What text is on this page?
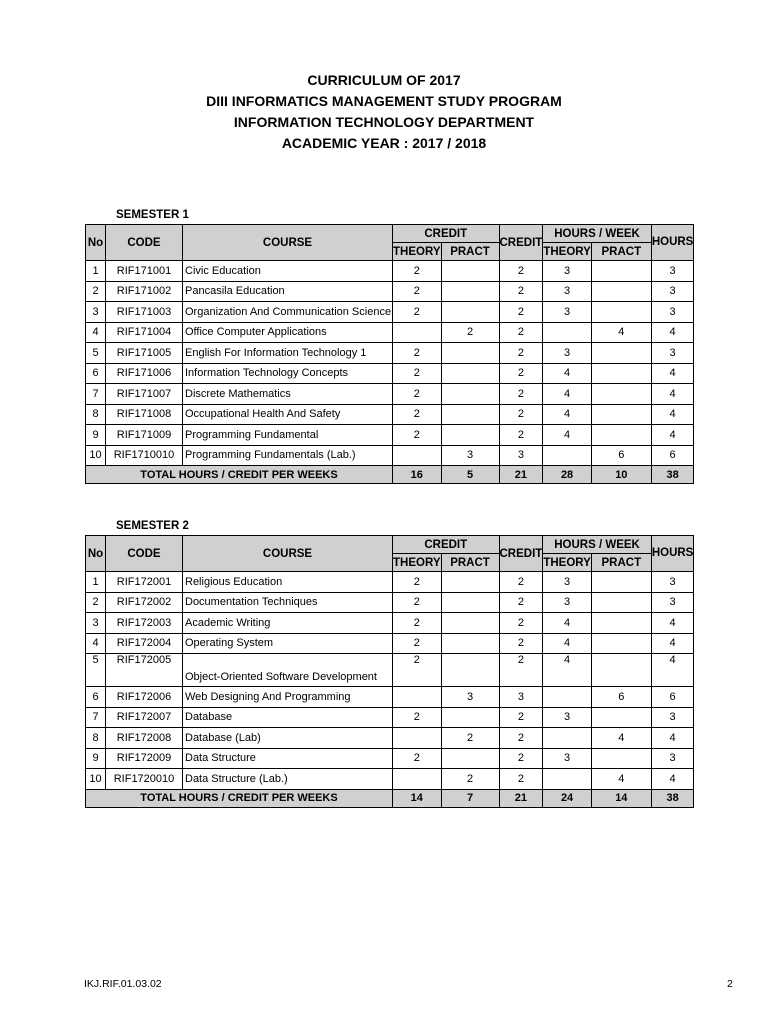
CURRICULUM OF 2017
DIII INFORMATICS MANAGEMENT STUDY PROGRAM
INFORMATION TECHNOLOGY DEPARTMENT
ACADEMIC YEAR : 2017 / 2018
SEMESTER 1
No	CODE	COURSE	CREDIT		CREDIT	HOURS / WEEK		HOURS

			THEORY	PRACT		THEORY	PRACT	
1	RIF171001	Civic Education	2		2	3		3
2	RIF171002	Pancasila Education	2		2	3		3
3	RIF171003	Organization And Communication Science	2		2	3		3
4	RIF171004	Office Computer Applications		2	2		4	4
5	RIF171005	English For Information Technology 1	2		2	3		3
6	RIF171006	Information Technology Concepts	2		2	4		4
7	RIF171007	Discrete Mathematics	2		2	4		4
8	RIF171008	Occupational Health And Safety	2		2	4		4
9	RIF171009	Programming Fundamental	2		2	4		4
10	RIF1710010	Programming Fundamentals (Lab.)		3	3		6	6
TOTAL HOURS / CREDIT PER WEEKS			16	5	21	28	10	38
SEMESTER 2
No	CODE	COURSE	CREDIT		CREDIT	HOURS / WEEK		HOURS

			THEORY	PRACT		THEORY	PRACT	
1	RIF172001	Religious Education	2		2	3		3
2	RIF172002	Documentation Techniques	2		2	3		3
3	RIF172003	Academic Writing	2		2	4		4
4	RIF172004	Operating System	2		2	4		4
5	RIF172005	Object-Oriented Software Development	2		2	4		4
6	RIF172006	Web Designing And Programming		3	3		6	6
7	RIF172007	Database	2		2	3		3
8	RIF172008	Database (Lab)		2	2		4	4
9	RIF172009	Data Structure	2		2	3		3
10	RIF1720010	Data Structure (Lab.)		2	2		4	4
TOTAL HOURS / CREDIT PER WEEKS			14	7	21	24	14	38
IKJ.RIF.01.03.02	2
